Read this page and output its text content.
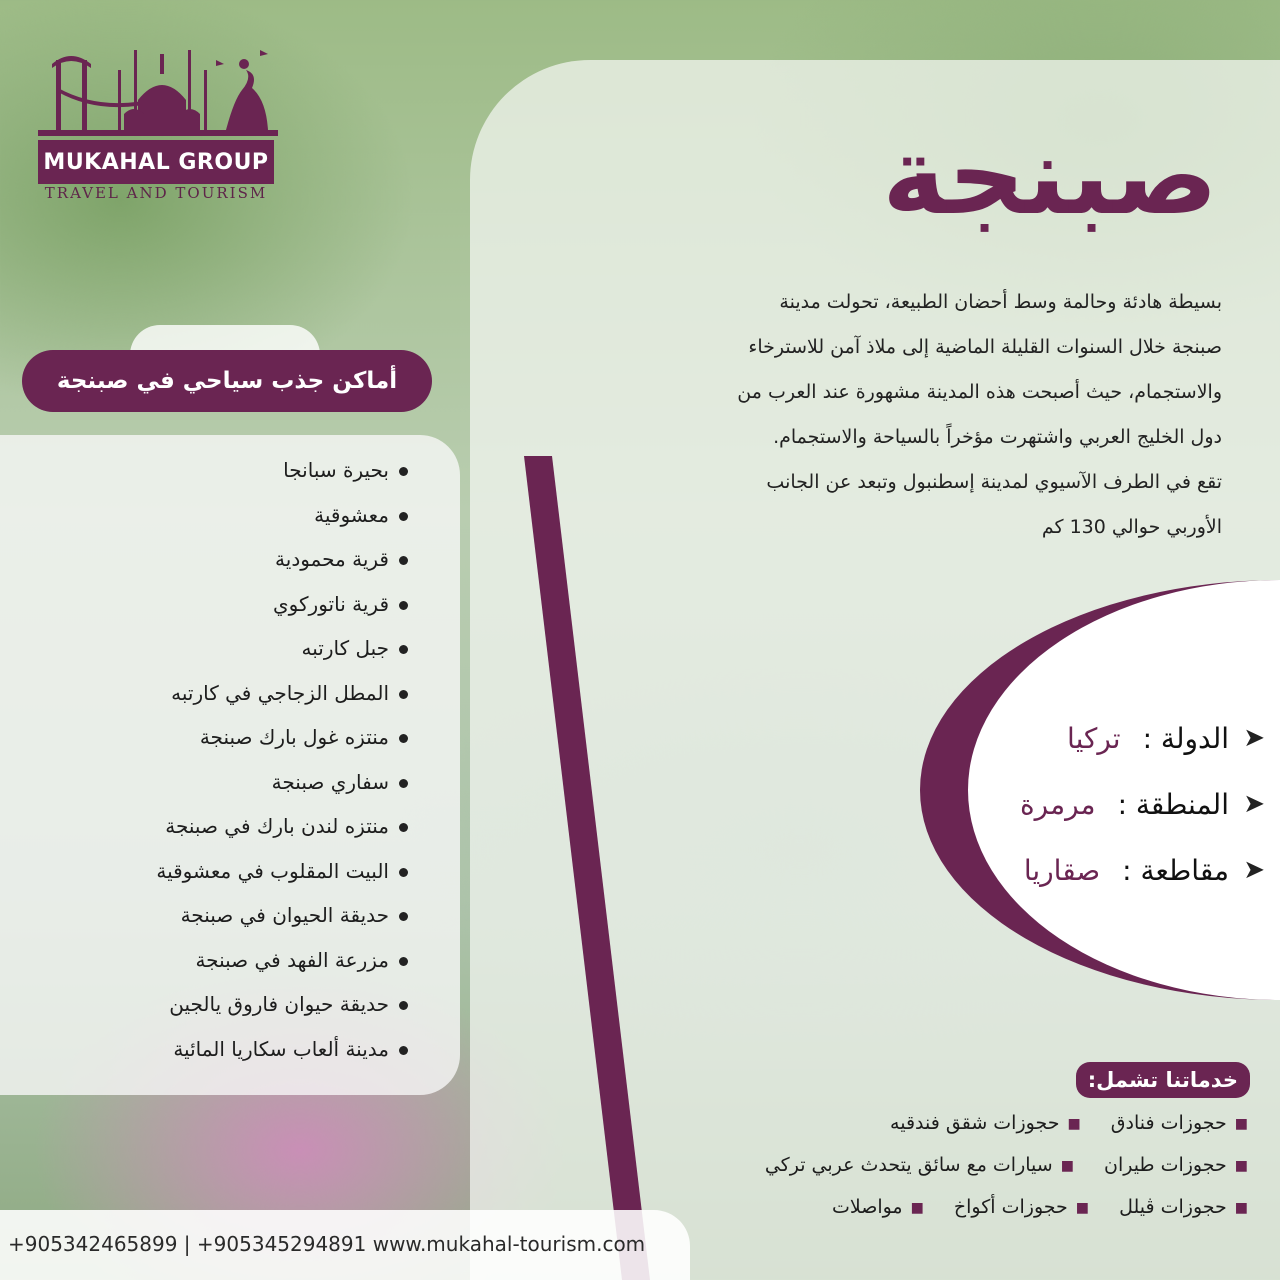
MUKAHAL GROUP
TRAVEL AND TOURISM	صبنجة

بسيطة هادئة وحالمة وسط أحضان الطبيعة، تحولت مدينة

صبنجة خلال السنوات القليلة الماضية إلى ملاذ آمن للاسترخاء

والاستجمام، حيث أصبحت هذه المدينة مشهورة عند العرب من

دول الخليج العربي واشتهرت مؤخراً بالسياحة والاستجمام.

تقع في الطرف الآسيوي لمدينة إسطنبول وتبعد عن الجانب

الأوربي حوالي 130 كم

أماكن جذب سياحي في صبنجة
بحيرة سبانجا
معشوقية
قرية محمودية
قرية ناتوركوي
جبل كارتبه
المطل الزجاجي في كارتبه
منتزه غول بارك صبنجة
سفاري صبنجة
منتزه لندن بارك في صبنجة
البيت المقلوب في معشوقية
حديقة الحيوان في صبنجة
مزرعة الفهد في صبنجة
حديقة حيوان فاروق يالجين
مدينة ألعاب سكاريا المائية
➤
الدولة :
تركيا
➤
المنطقة :
مرمرة
➤
مقاطعة :
صقاريا
خدماتنا تشمل:
■حجوزات فنادق ■حجوزات شقق فندقيه
■حجوزات طيران ■سيارات مع سائق يتحدث عربي تركي
■حجوزات ڤيلل ■حجوزات أكواخ ■مواصلات
+905342465899 | +905345294891 www.mukahal-tourism.com
